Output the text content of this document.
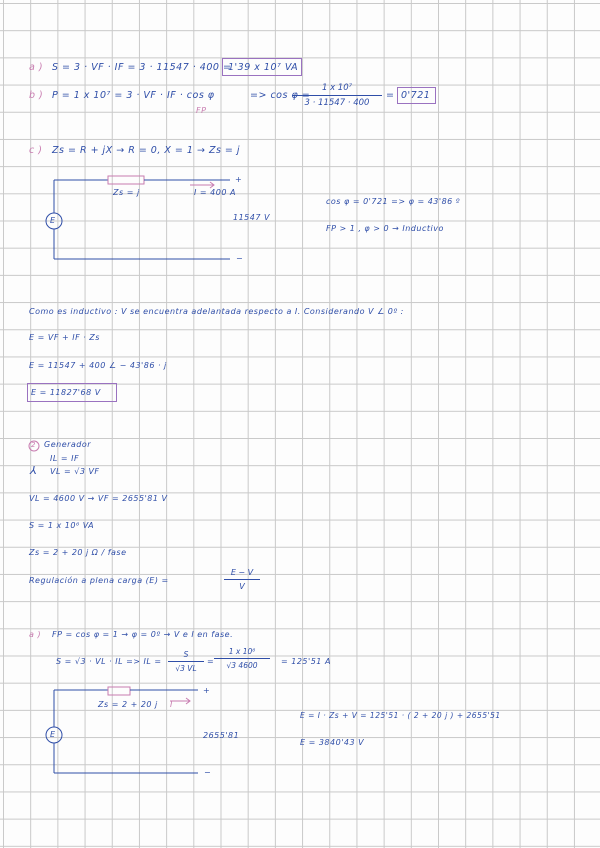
a ) S = 3 · VF · IF = 3 · 11547 · 400 =
1'39 x 10⁷ VA
b ) P = 1 x 10⁷ = 3 · VF · IF · cos φ
FP
=> cos φ =
1 x 10⁷
3 · 11547 · 400
= 0'721
c ) Zs = R + jX → R = 0, X = 1 → Zs = j
Zs = j	I = 400 A
+
−
E	11547 V
cos φ = 0'721 => φ = 43'86 º
FP > 1 , φ > 0 → Inductivo
Como es inductivo : V se encuentra adelantada respecto a I. Considerando V ∠ 0º :
E = VF + IF · Zs
E = 11547 + 400 ∠ − 43'86 · j
E = 11827'68 V
2 Generador
IL = IF
⅄ VL = √3 VF
VL = 4600 V → VF = 2655'81 V
S = 1 x 10⁶ VA
Zs = 2 + 20 j Ω / fase
Regulación a plena carga (E) =
E − V
V
a ) FP = cos φ = 1 → φ = 0º → V e I en fase.
S = √3 · VL · IL => IL =
S
√3 VL
=
1 x 10⁶
√3 4600	= 125'51 A
Zs = 2 + 20 j I
+
−
E	2655'81
E = I · Zs + V = 125'51 · ( 2 + 20 j ) + 2655'51
E = 3840'43 V
